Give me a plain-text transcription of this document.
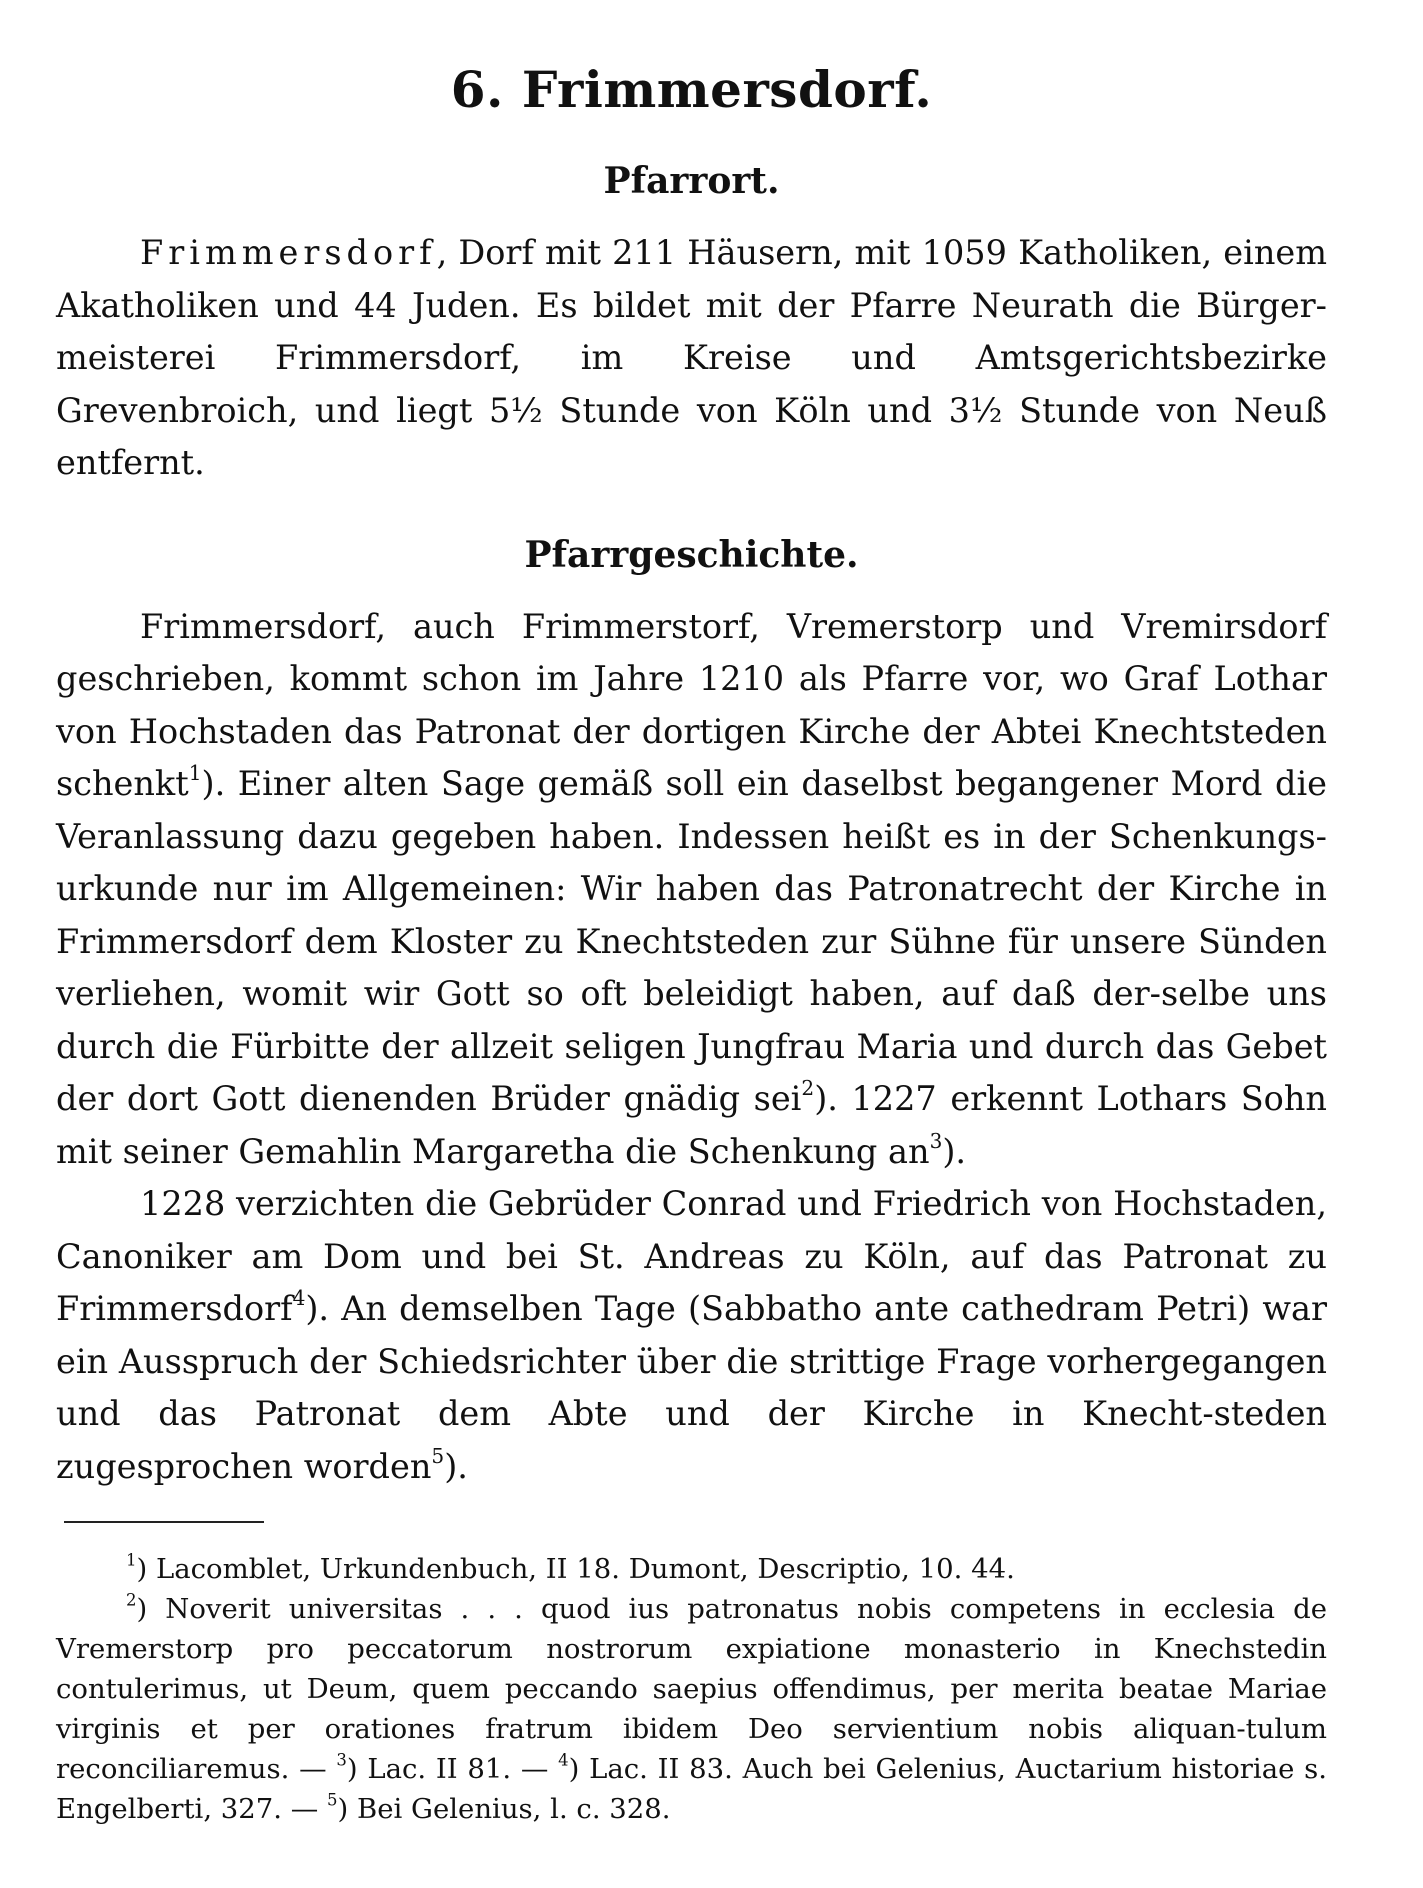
6. Frimmersdorf.
Pfarrort.

Frimmersdorf, Dorf mit 211 Häusern, mit 1059 Katholiken, einem Akatholiken und 44 Juden. Es bildet mit der Pfarre Neurath die Bürger-meisterei Frimmersdorf, im Kreise und Amtsgerichtsbezirke Grevenbroich, und liegt 5½ Stunde von Köln und 3½ Stunde von Neuß entfernt.

Pfarrgeschichte.

Frimmersdorf, auch Frimmerstorf, Vremerstorp und Vremirsdorf geschrieben, kommt schon im Jahre 1210 als Pfarre vor, wo Graf Lothar von Hochstaden das Patronat der dortigen Kirche der Abtei Knechtsteden schenkt$^1$). Einer alten Sage gemäß soll ein daselbst begangener Mord die Veranlassung dazu gegeben haben. Indessen heißt es in der Schenkungs-urkunde nur im Allgemeinen: Wir haben das Patronatrecht der Kirche in Frimmersdorf dem Kloster zu Knechtsteden zur Sühne für unsere Sünden verliehen, womit wir Gott so oft beleidigt haben, auf daß der-selbe uns durch die Fürbitte der allzeit seligen Jungfrau Maria und durch das Gebet der dort Gott dienenden Brüder gnädig sei$^2$). 1227 erkennt Lothars Sohn mit seiner Gemahlin Margaretha die Schenkung $an^3$).

1228 verzichten die Gebrüder Conrad und Friedrich von Hochstaden, Canoniker am Dom und bei St. Andreas zu Köln, auf das Patronat zu Frimmersdorf$^4$). An demselben Tage (Sabbatho ante cathedram Petri) war ein Ausspruch der Schiedsrichter über die strittige Frage vorhergegangen und das Patronat dem Abte und der Kirche in Knecht-steden zugesprochen worden$^5$).

$^1$) Lacomblet, Urkundenbuch, II 18. Dumont, Descriptio, 10. 44.

$^2$) Noverit universitas . . . quod ius patronatus nobis competens in ecclesia de Vremerstorp pro peccatorum nostrorum expiatione monasterio in Knechstedin contulerimus, ut Deum, quem peccando saepius offendimus, per merita beatae Mariae virginis et per orationes fratrum ibidem Deo servientium nobis aliquan-tulum reconciliaremus. — $^3$) Lac. II 81. — $^4$) Lac. II 83. Auch bei Gelenius, Auctarium historiae s. Engelberti, 327. — $^5$) Bei Gelenius, l. c. 328.
